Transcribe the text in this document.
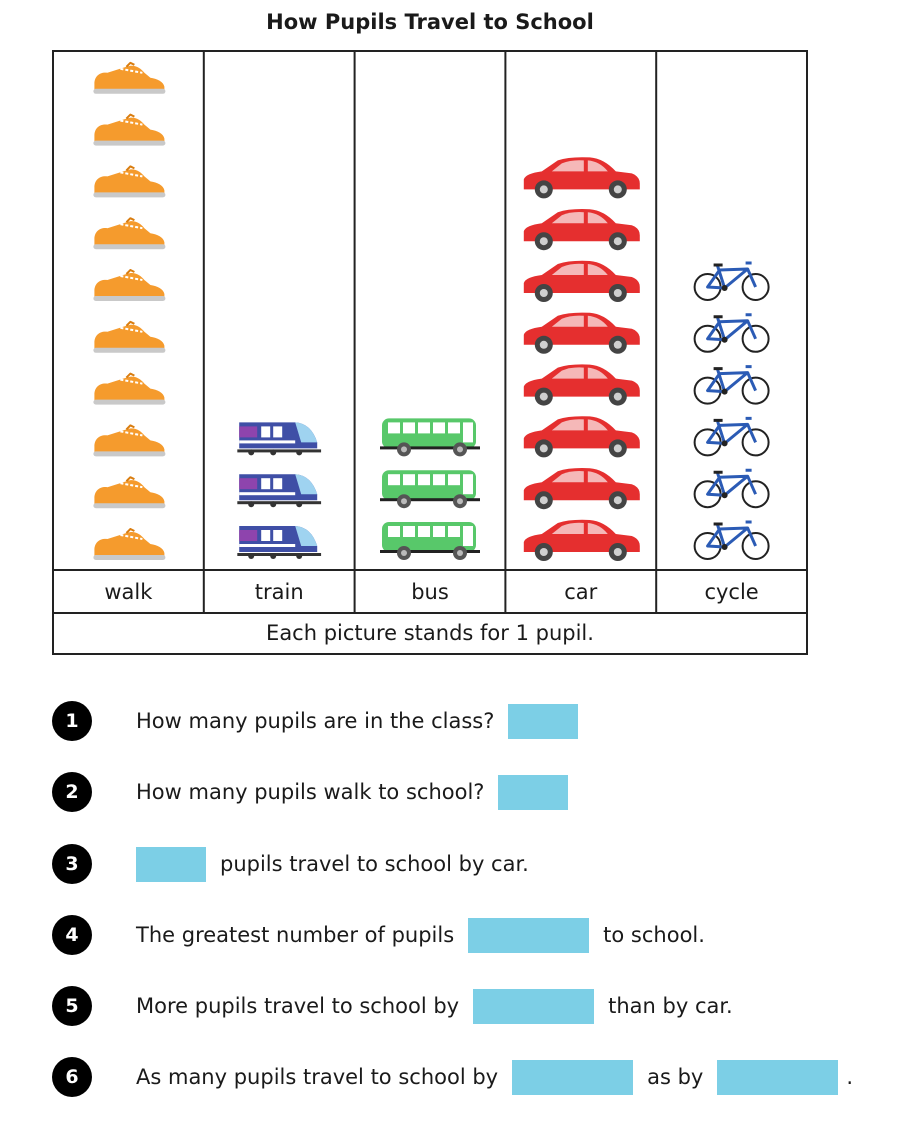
How Pupils Travel to School
walk	train	bus	car	cycle
Each picture stands for 1 pupil.
1	How many pupils are in the class?
2	How many pupils walk to school?
3	pupils travel to school by car.
4	The greatest number of pupils	to school.
5	More pupils travel to school by	than by car.
6	As many pupils travel to school by	as by	.
